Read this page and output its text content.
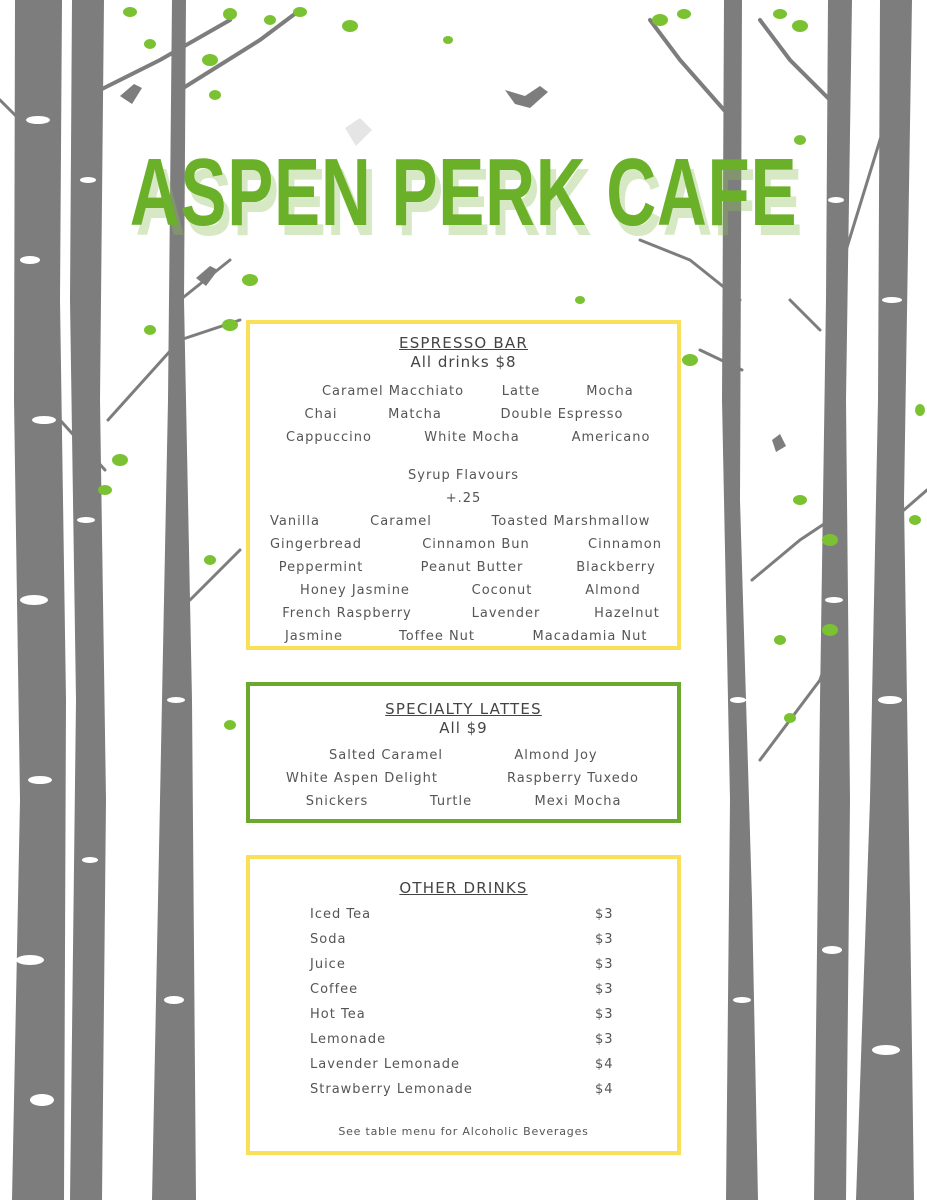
ASPEN PERK CAFE
ESPRESSO BAR
All drinks $8
Caramel Macchiato	Latte	Mocha
Chai	Matcha	Double Espresso
Cappuccino	White Mocha	Americano
Syrup Flavours
+.25
Vanilla	Caramel	Toasted Marshmallow
Gingerbread	Cinnamon Bun	Cinnamon
Peppermint	Peanut Butter	Blackberry
Honey Jasmine	Coconut	Almond
French Raspberry	Lavender	Hazelnut
Jasmine	Toffee Nut	Macadamia Nut
SPECIALTY LATTES
All $9
Salted Caramel	Almond Joy
White Aspen Delight	Raspberry Tuxedo
Snickers	Turtle	Mexi Mocha
OTHER DRINKS
Iced Tea	$3
Soda	$3
Juice	$3
Coffee	$3
Hot Tea	$3
Lemonade	$3
Lavender Lemonade	$4
Strawberry Lemonade	$4
See table menu for Alcoholic Beverages
